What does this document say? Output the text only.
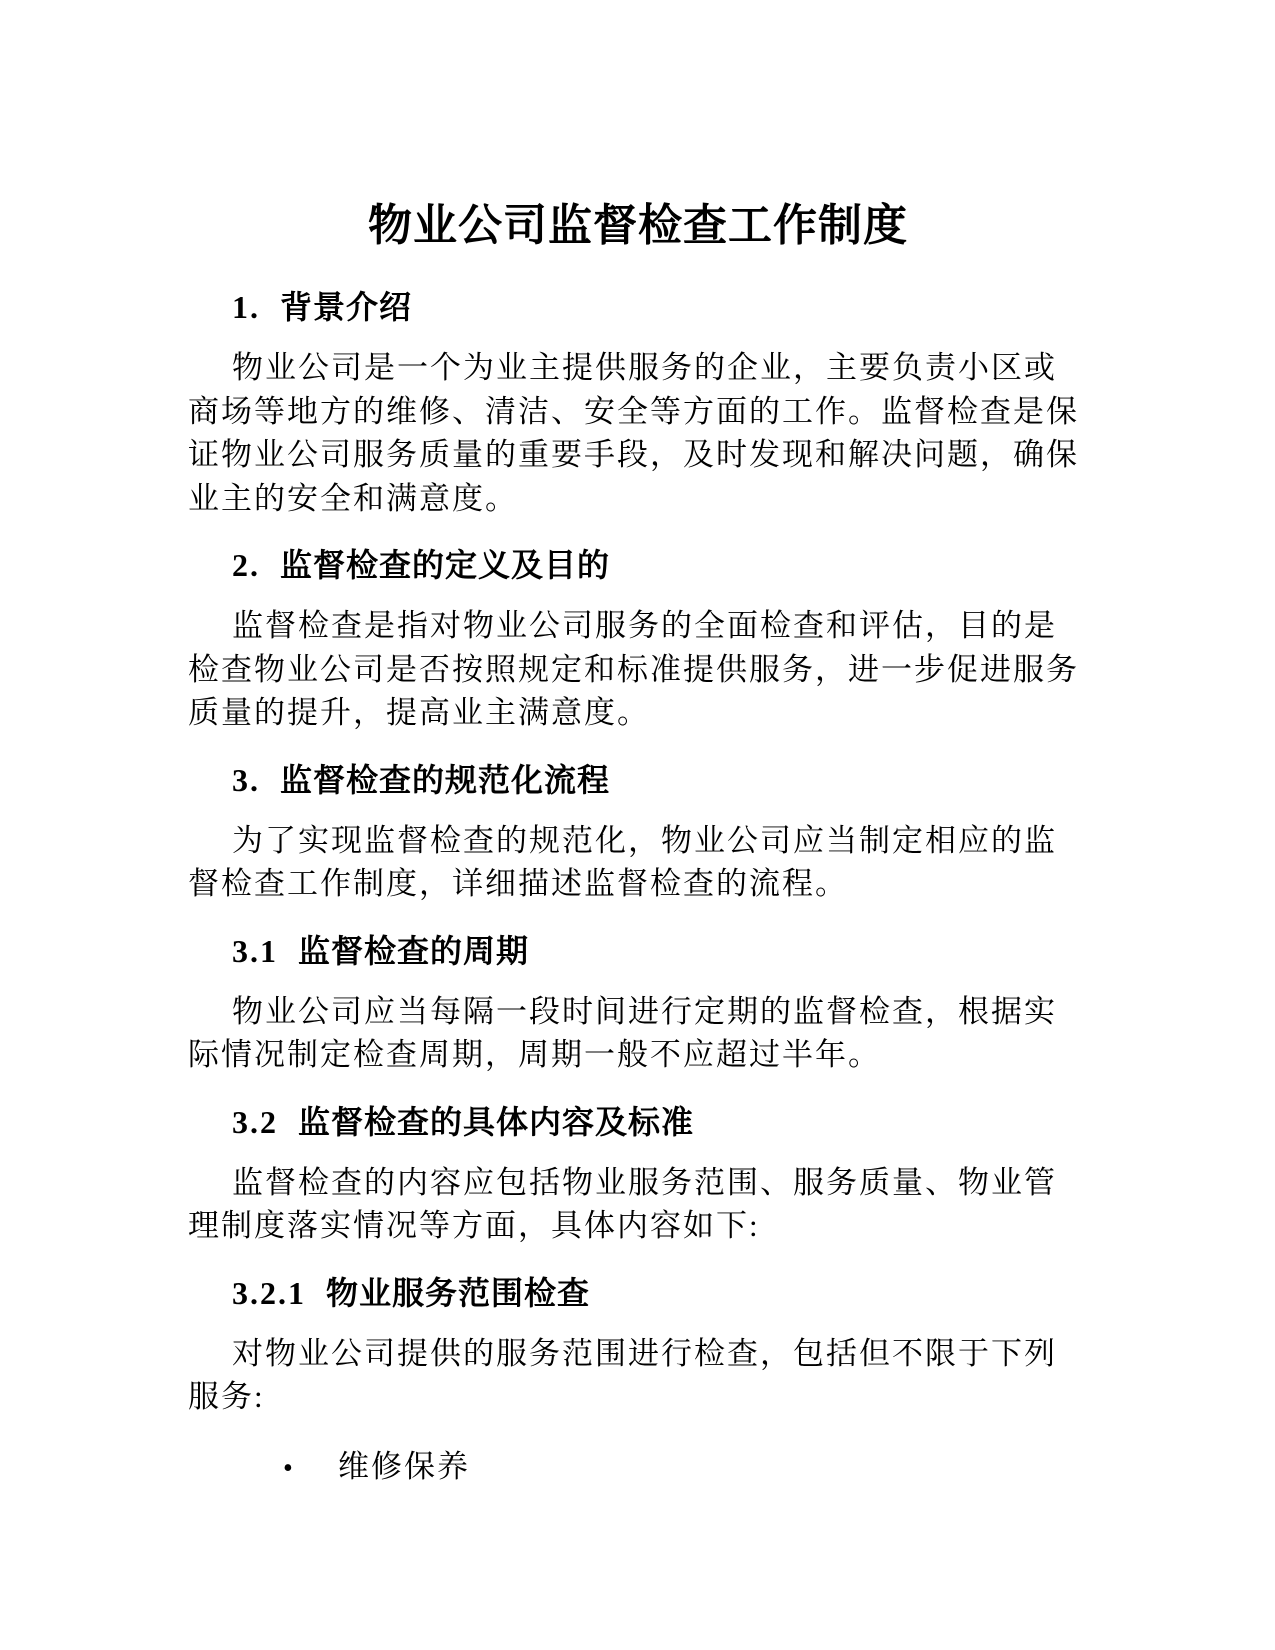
物业公司监督检查工作制度
1. 背景介绍
物业公司是一个为业主提供服务的企业，主要负责小区或
商场等地方的维修、清洁、安全等方面的工作。监督检查是保
证物业公司服务质量的重要手段，及时发现和解决问题，确保
业主的安全和满意度。
2. 监督检查的定义及目的
监督检查是指对物业公司服务的全面检查和评估，目的是
检查物业公司是否按照规定和标准提供服务，进一步促进服务
质量的提升，提高业主满意度。
3. 监督检查的规范化流程
为了实现监督检查的规范化，物业公司应当制定相应的监
督检查工作制度，详细描述监督检查的流程。
3.1 监督检查的周期
物业公司应当每隔一段时间进行定期的监督检查，根据实
际情况制定检查周期，周期一般不应超过半年。
3.2 监督检查的具体内容及标准
监督检查的内容应包括物业服务范围、服务质量、物业管
理制度落实情况等方面，具体内容如下:
3.2.1 物业服务范围检查
对物业公司提供的服务范围进行检查，包括但不限于下列
服务:
•	维修保养
